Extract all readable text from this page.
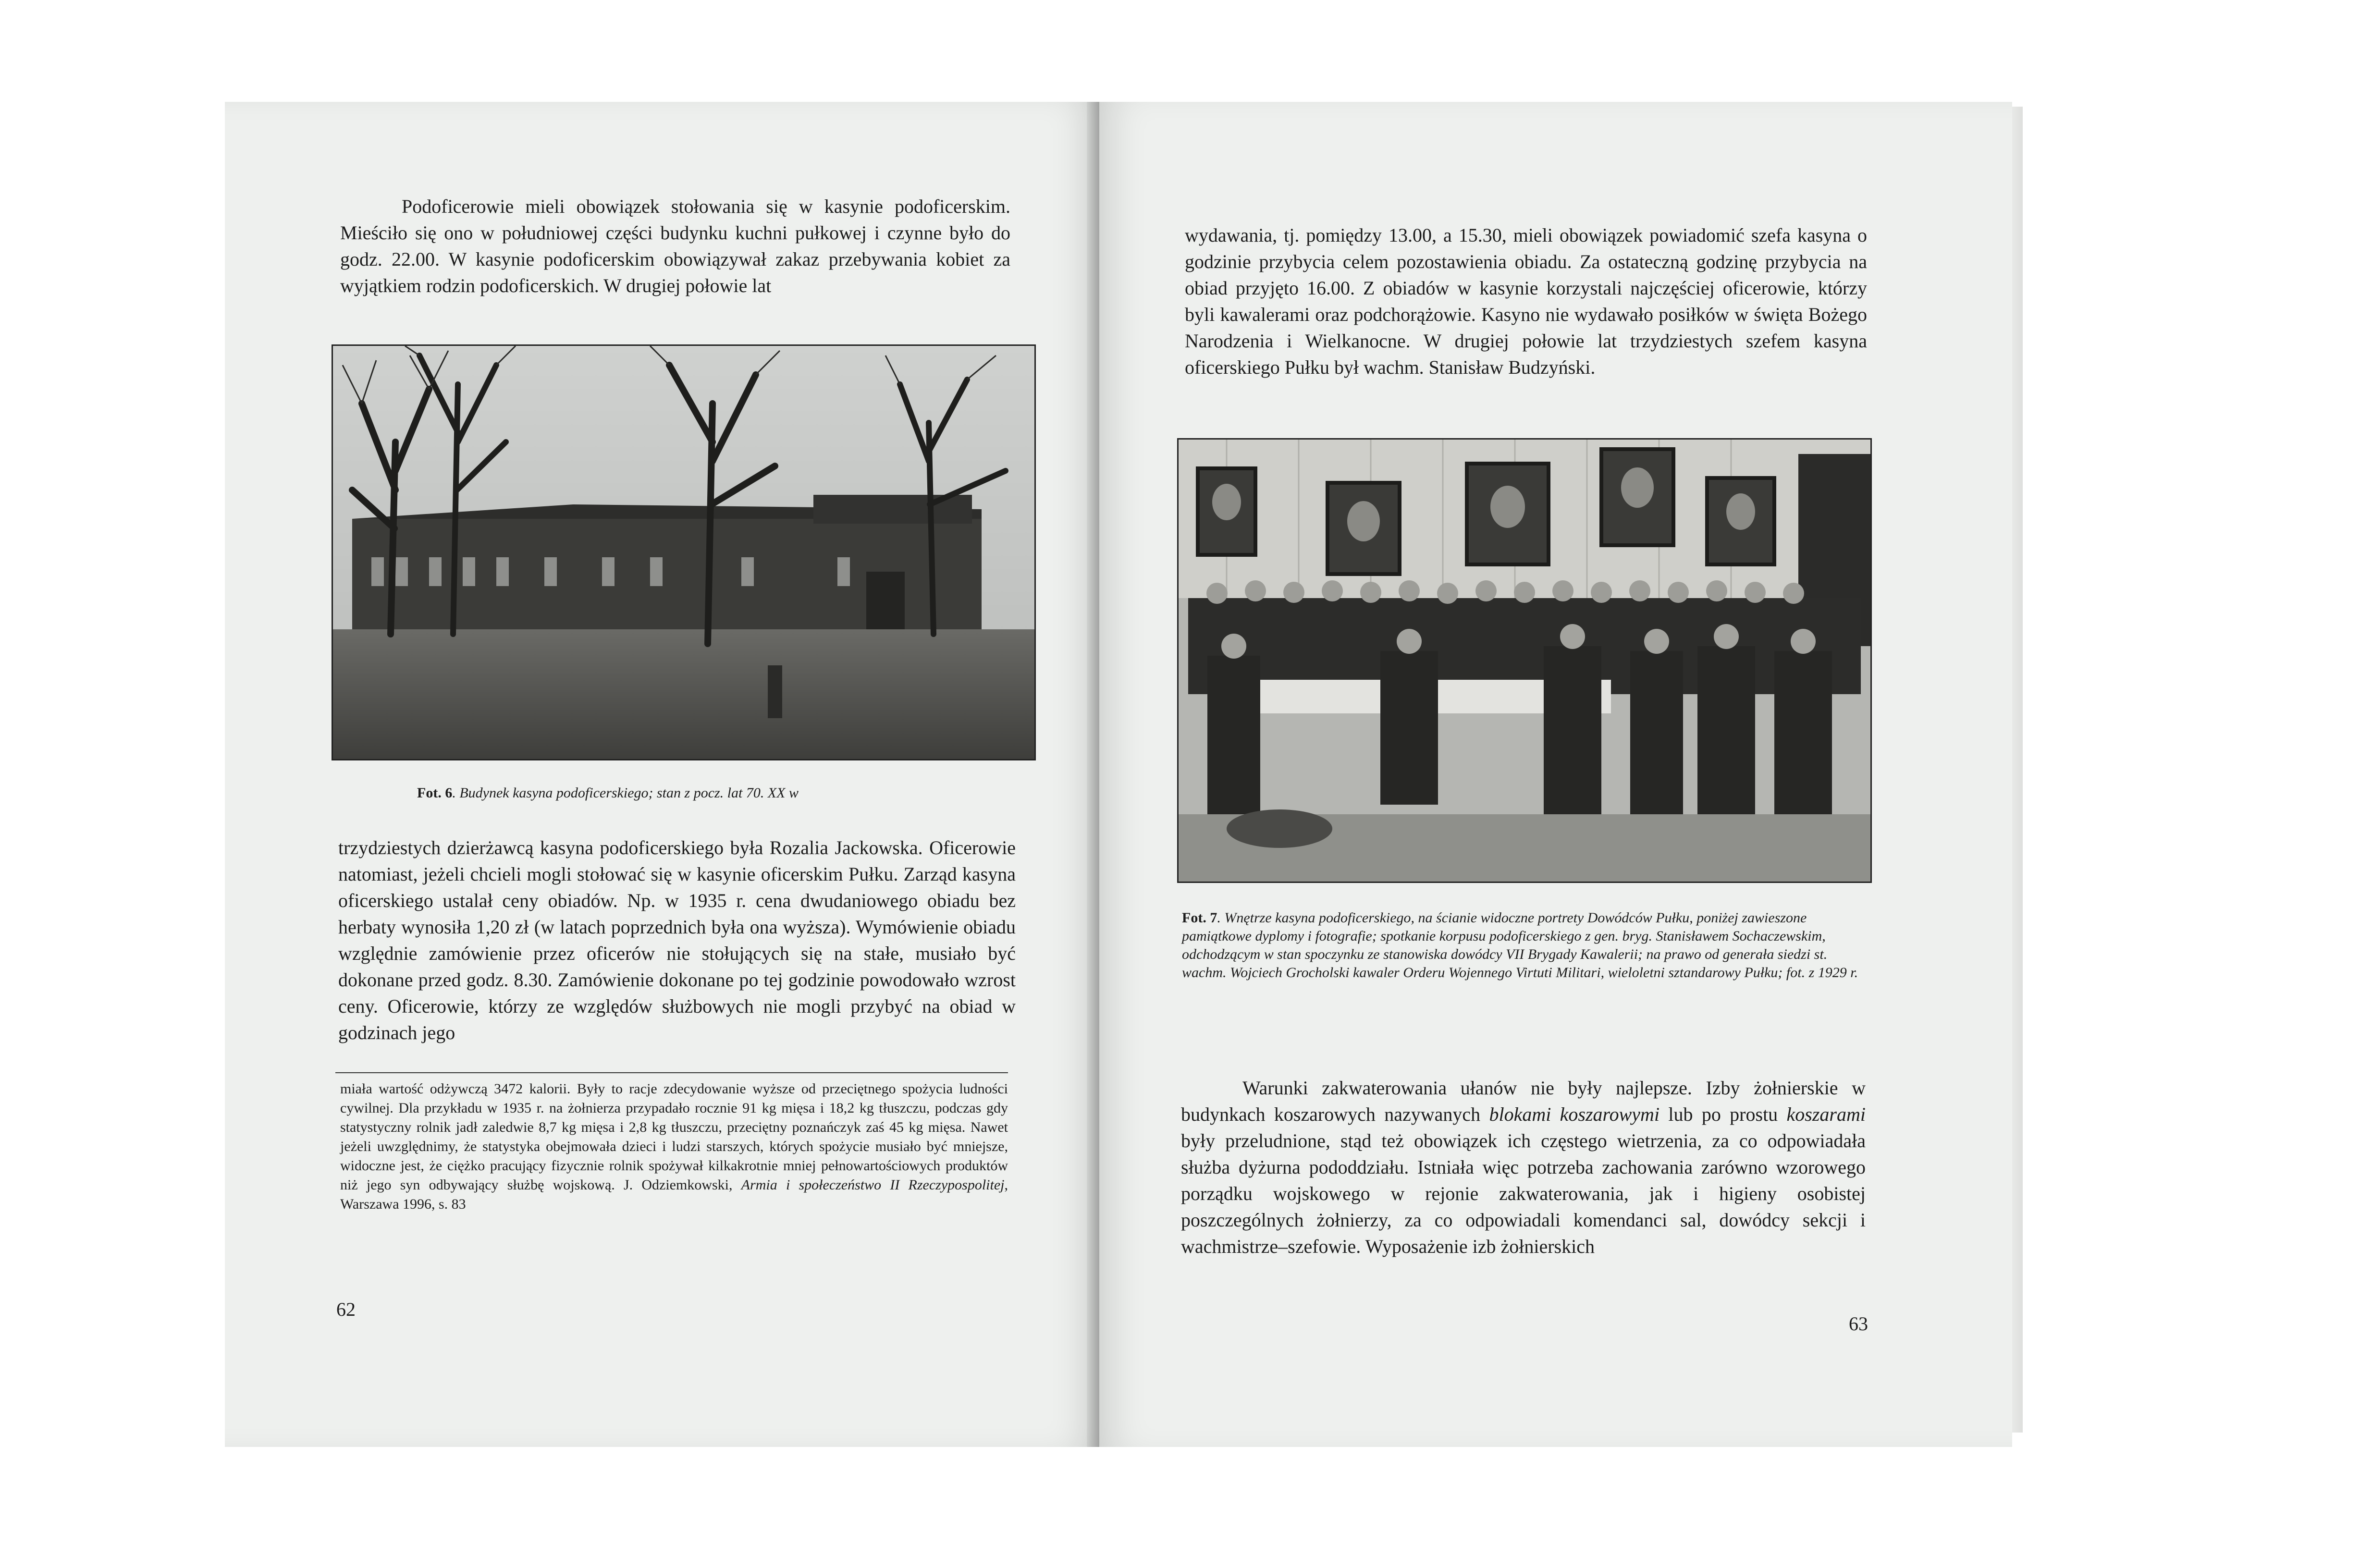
Podoficerowie mieli obowiązek stołowania się w kasynie podoficerskim. Mieściło się ono w południowej części budynku kuchni pułkowej i czynne było do godz. 22.00. W kasynie podoficerskim obowiązywał zakaz przebywania kobiet za wyjątkiem rodzin podoficerskich. W drugiej połowie lat

Fot. 6. Budynek kasyna podoficerskiego; stan z pocz. lat 70. XX w

trzydziestych dzierżawcą kasyna podoficerskiego była Rozalia Jackowska. Oficerowie natomiast, jeżeli chcieli mogli stołować się w kasynie oficerskim Pułku. Zarząd kasyna oficerskiego ustalał ceny obiadów. Np. w 1935 r. cena dwudaniowego obiadu bez herbaty wynosiła 1,20 zł (w latach poprzednich była ona wyższa). Wymówienie obiadu względnie zamówienie przez oficerów nie stołujących się na stałe, musiało być dokonane przed godz. 8.30. Zamówienie dokonane po tej godzinie powodowało wzrost ceny. Oficerowie, którzy ze względów służbowych nie mogli przybyć na obiad w godzinach jego

miała wartość odżywczą 3472 kalorii. Były to racje zdecydowanie wyższe od przeciętnego spożycia ludności cywilnej. Dla przykładu w 1935 r. na żołnierza przypadało rocznie 91 kg mięsa i 18,2 kg tłuszczu, podczas gdy statystyczny rolnik jadł zaledwie 8,7 kg mięsa i 2,8 kg tłuszczu, przeciętny poznańczyk zaś 45 kg mięsa. Nawet jeżeli uwzględnimy, że statystyka obejmowała dzieci i ludzi starszych, których spożycie musiało być mniejsze, widoczne jest, że ciężko pracujący fizycznie rolnik spożywał kilkakrotnie mniej pełnowartościowych produktów niż jego syn odbywający służbę wojskową. J. Odziemkowski, Armia i społeczeństwo II Rzeczypospolitej, Warszawa 1996, s. 83
62

wydawania, tj. pomiędzy 13.00, a 15.30, mieli obowiązek powiadomić szefa kasyna o godzinie przybycia celem pozostawienia obiadu. Za ostateczną godzinę przybycia na obiad przyjęto 16.00. Z obiadów w kasynie korzystali najczęściej oficerowie, którzy byli kawalerami oraz podchorążowie. Kasyno nie wydawało posiłków w święta Bożego Narodzenia i Wielkanocne. W drugiej połowie lat trzydziestych szefem kasyna oficerskiego Pułku był wachm. Stanisław Budzyński.

Fot. 7. Wnętrze kasyna podoficerskiego, na ścianie widoczne portrety Dowódców Pułku, poniżej zawieszone pamiątkowe dyplomy i fotografie; spotkanie korpusu podoficerskiego z gen. bryg. Stanisławem Sochaczewskim, odchodzącym w stan spoczynku ze stanowiska dowódcy VII Brygady Kawalerii; na prawo od generała siedzi st. wachm. Wojciech Grocholski kawaler Orderu Wojennego Virtuti Militari, wieloletni sztandarowy Pułku; fot. z 1929 r.

Warunki zakwaterowania ułanów nie były najlepsze. Izby żołnierskie w budynkach koszarowych nazywanych blokami koszarowymi lub po prostu koszarami były przeludnione, stąd też obowiązek ich częstego wietrzenia, za co odpowiadała służba dyżurna pododdziału. Istniała więc potrzeba zachowania zarówno wzorowego porządku wojskowego w rejonie zakwaterowania, jak i higieny osobistej poszczególnych żołnierzy, za co odpowiadali komendanci sal, dowódcy sekcji i wachmistrze–szefowie. Wyposażenie izb żołnierskich

63
